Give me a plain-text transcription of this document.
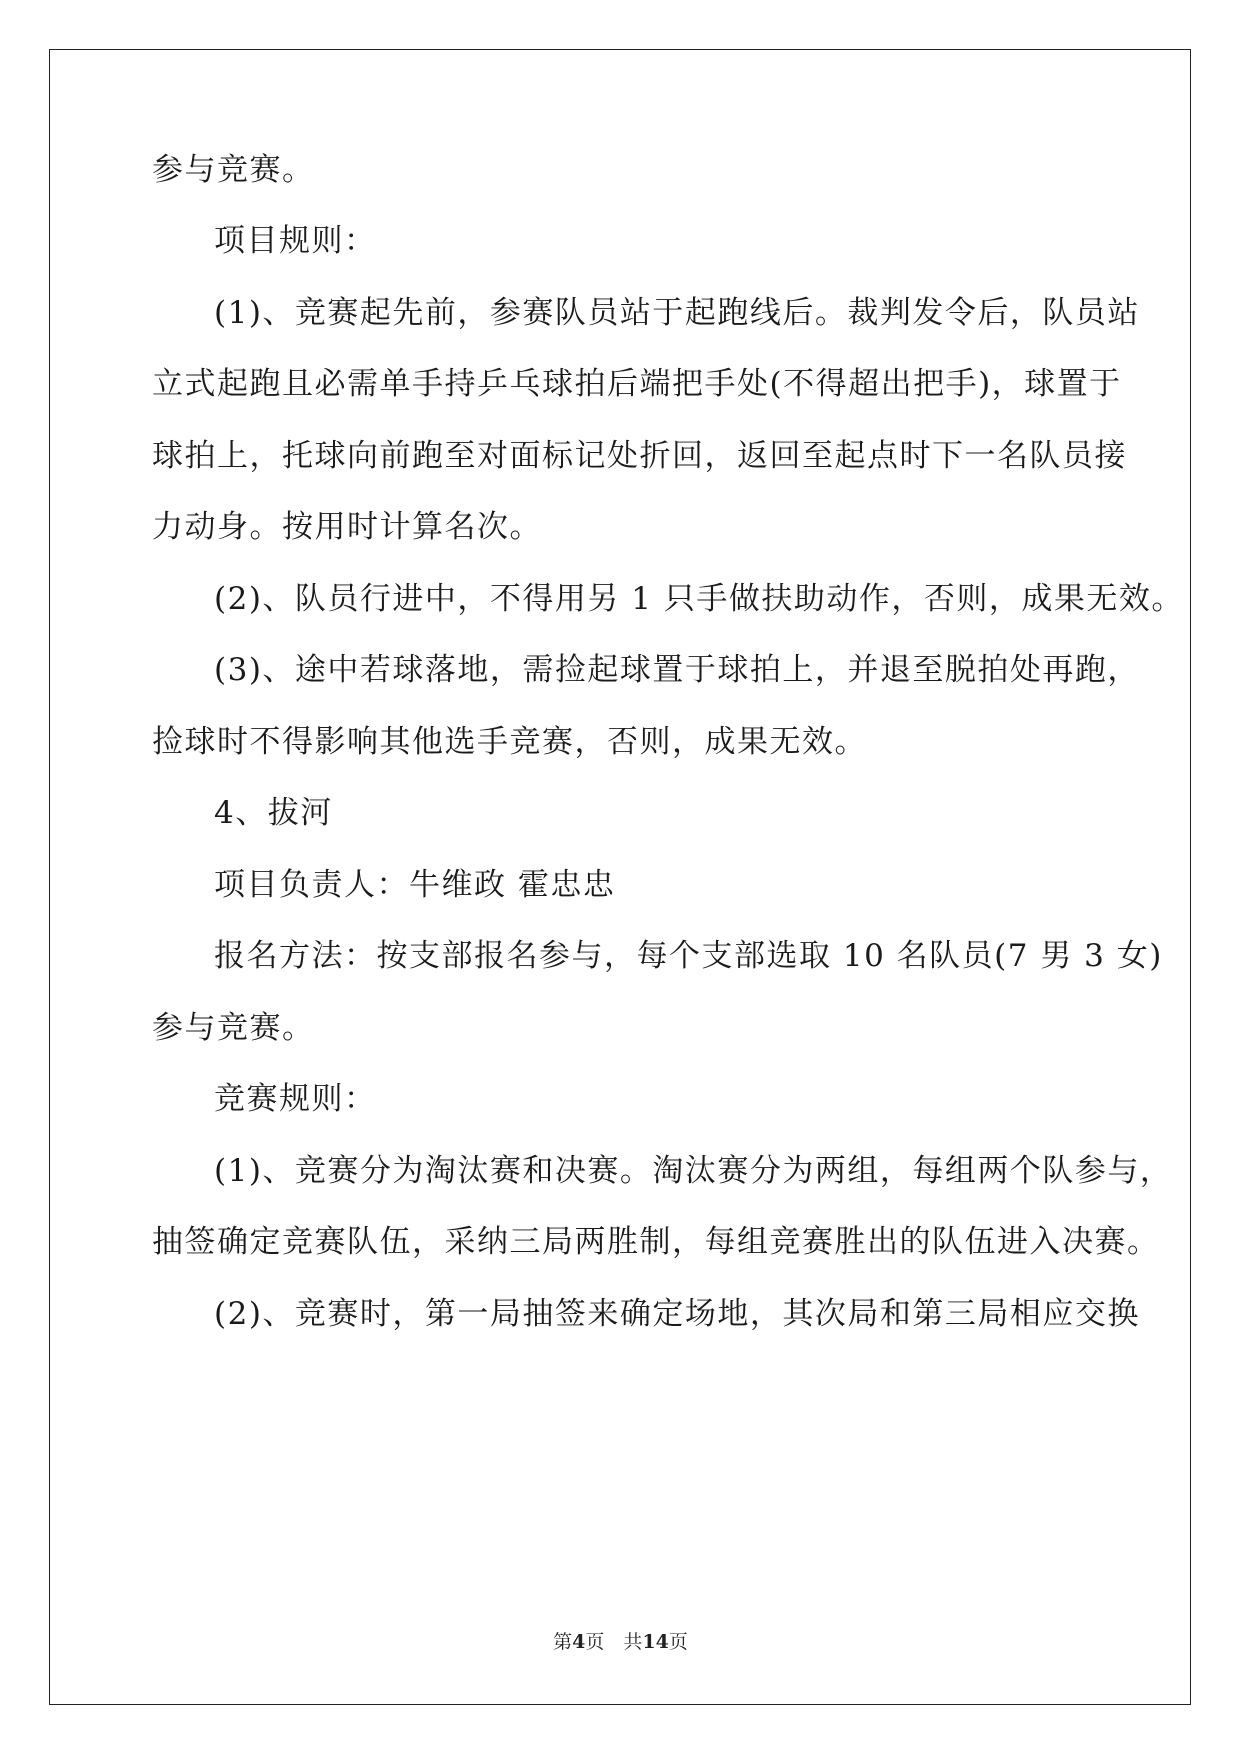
参与竞赛。
项目规则：
(1)、竞赛起先前，参赛队员站于起跑线后。裁判发令后，队员站
立式起跑且必需单手持乒乓球拍后端把手处(不得超出把手)，球置于
球拍上，托球向前跑至对面标记处折回，返回至起点时下一名队员接
力动身。按用时计算名次。
(2)、队员行进中，不得用另 1 只手做扶助动作，否则，成果无效。
(3)、途中若球落地，需捡起球置于球拍上，并退至脱拍处再跑，
捡球时不得影响其他选手竞赛，否则，成果无效。
4、拔河
项目负责人：牛维政 霍忠忠
报名方法：按支部报名参与，每个支部选取 10 名队员(7 男 3 女)
参与竞赛。
竞赛规则：
(1)、竞赛分为淘汰赛和决赛。淘汰赛分为两组，每组两个队参与，
抽签确定竞赛队伍，采纳三局两胜制，每组竞赛胜出的队伍进入决赛。
(2)、竞赛时，第一局抽签来确定场地，其次局和第三局相应交换
第4页　共14页
